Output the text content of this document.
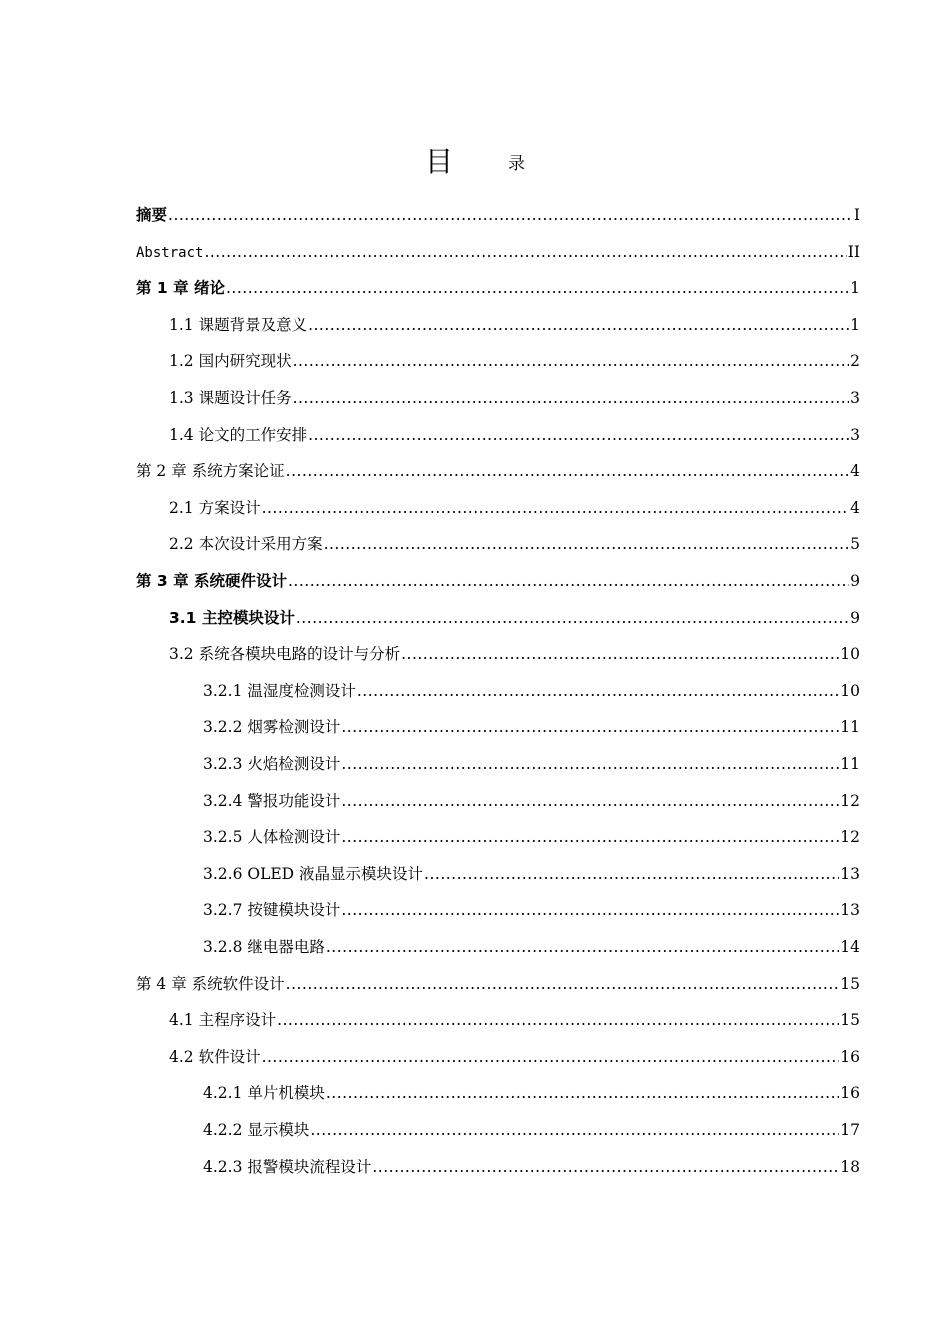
目	录
摘要 .....	I
Abstract .....	II
第 1 章 绪论 .....	1
1.1 课题背景及意义 .....	1
1.2 国内研究现状 .....	2
1.3 课题设计任务 .....	3
1.4 论文的工作安排 .....	3
第 2 章 系统方案论证 .....	4
2.1 方案设计 .....	4
2.2 本次设计采用方案 .....	5
第 3 章 系统硬件设计 .....	9
3.1 主控模块设计 .....	9
3.2 系统各模块电路的设计与分析 .....	10
3.2.1 温湿度检测设计 .....	10
3.2.2 烟雾检测设计 .....	11
3.2.3 火焰检测设计 .....	11
3.2.4 警报功能设计 .....	12
3.2.5 人体检测设计 .....	12
3.2.6 OLED 液晶显示模块设计 .....	13
3.2.7 按键模块设计 .....	13
3.2.8 继电器电路 .....	14
第 4 章 系统软件设计 .....	15
4.1 主程序设计 .....	15
4.2 软件设计 .....	16
4.2.1 单片机模块 .....	16
4.2.2 显示模块 .....	17
4.2.3 报警模块流程设计 .....	18
